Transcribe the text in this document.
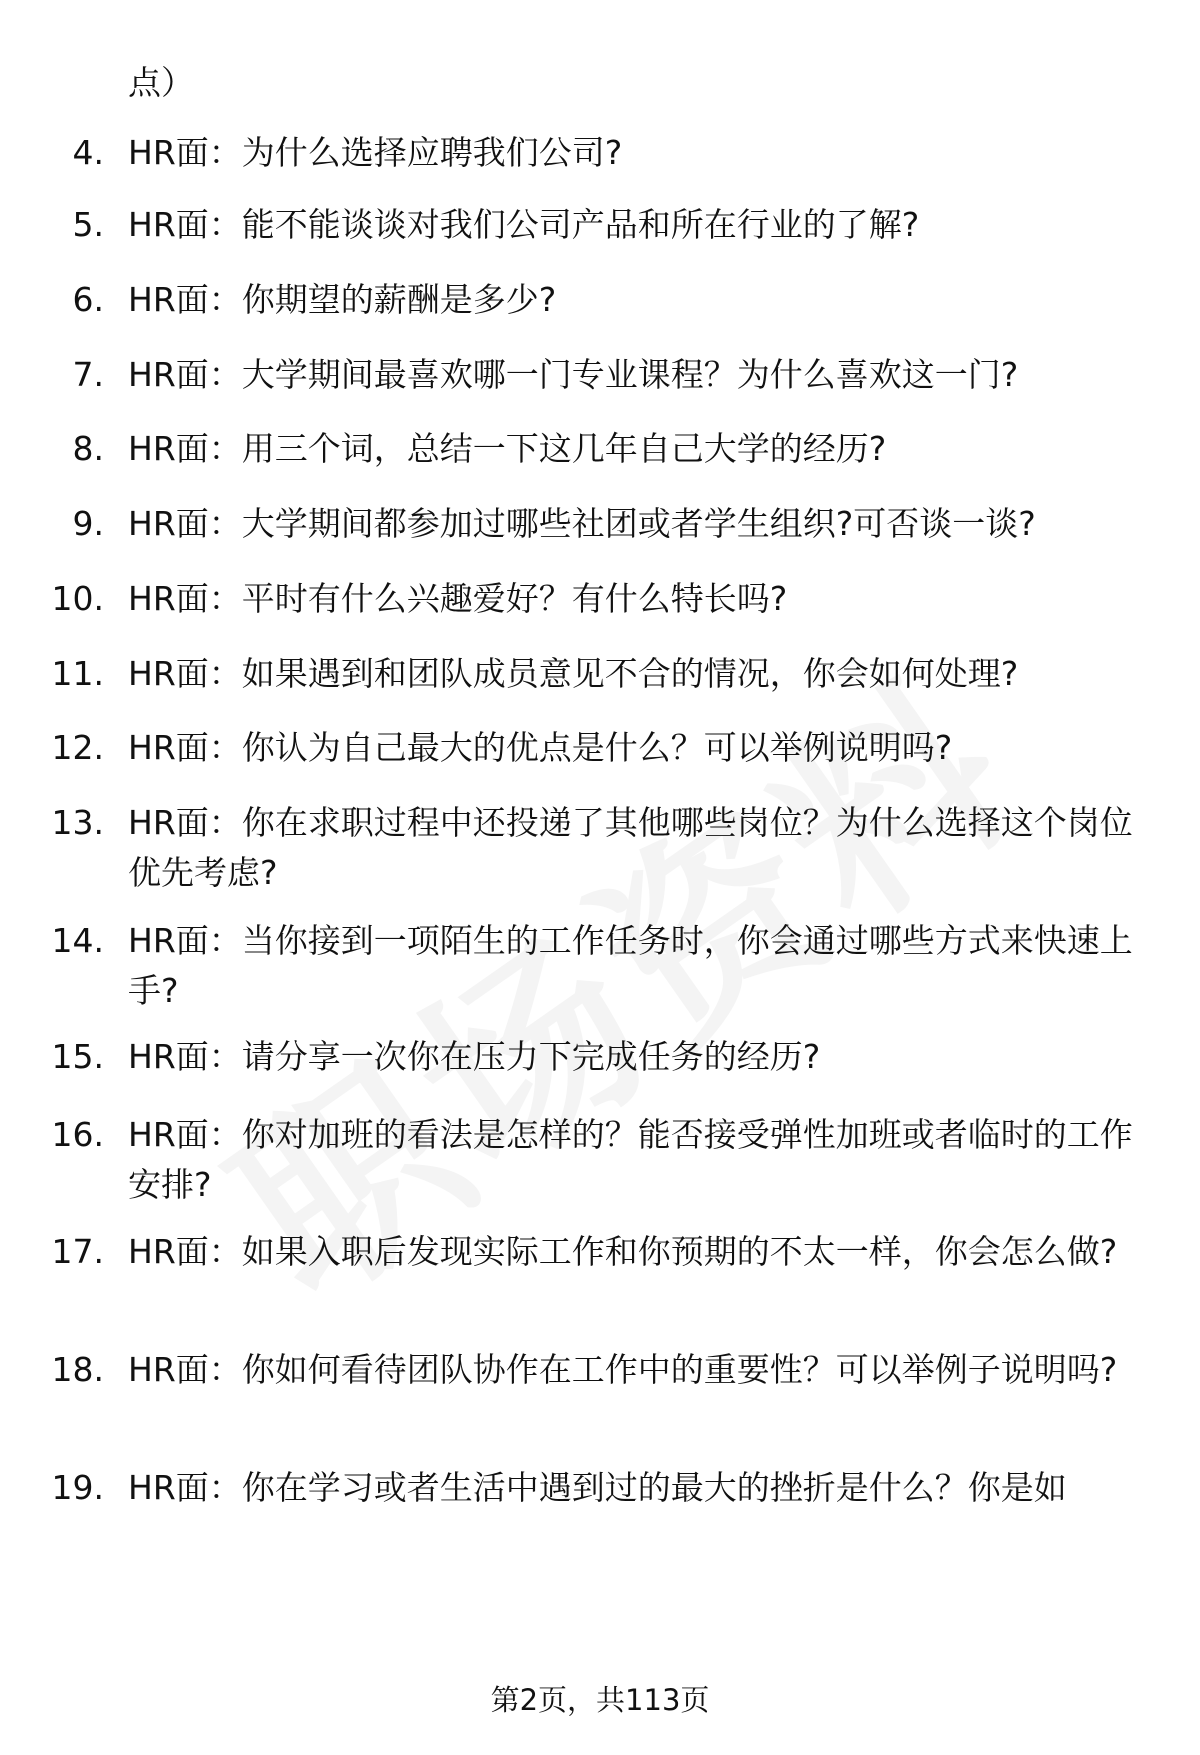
点）
4. HR面：为什么选择应聘我们公司?
5. HR面：能不能谈谈对我们公司产品和所在行业的了解?
6. HR面：你期望的薪酬是多少?
7. HR面：大学期间最喜欢哪一门专业课程？为什么喜欢这一门?
8. HR面：用三个词，总结一下这几年自己大学的经历?
9. HR面：大学期间都参加过哪些社团或者学生组织?可否谈一谈?
10. HR面：平时有什么兴趣爱好？有什么特长吗?
11. HR面：如果遇到和团队成员意见不合的情况，你会如何处理?
12. HR面：你认为自己最大的优点是什么？可以举例说明吗?
13. HR面：你在求职过程中还投递了其他哪些岗位？为什么选择这个岗位优先考虑?
14. HR面：当你接到一项陌生的工作任务时，你会通过哪些方式来快速上手?
15. HR面：请分享一次你在压力下完成任务的经历?
16. HR面：你对加班的看法是怎样的？能否接受弹性加班或者临时的工作安排?
17. HR面：如果入职后发现实际工作和你预期的不太一样，你会怎么做?
18. HR面：你如何看待团队协作在工作中的重要性？可以举例子说明吗?
19. HR面：你在学习或者生活中遇到过的最大的挫折是什么？你是如
第2页，共113页
